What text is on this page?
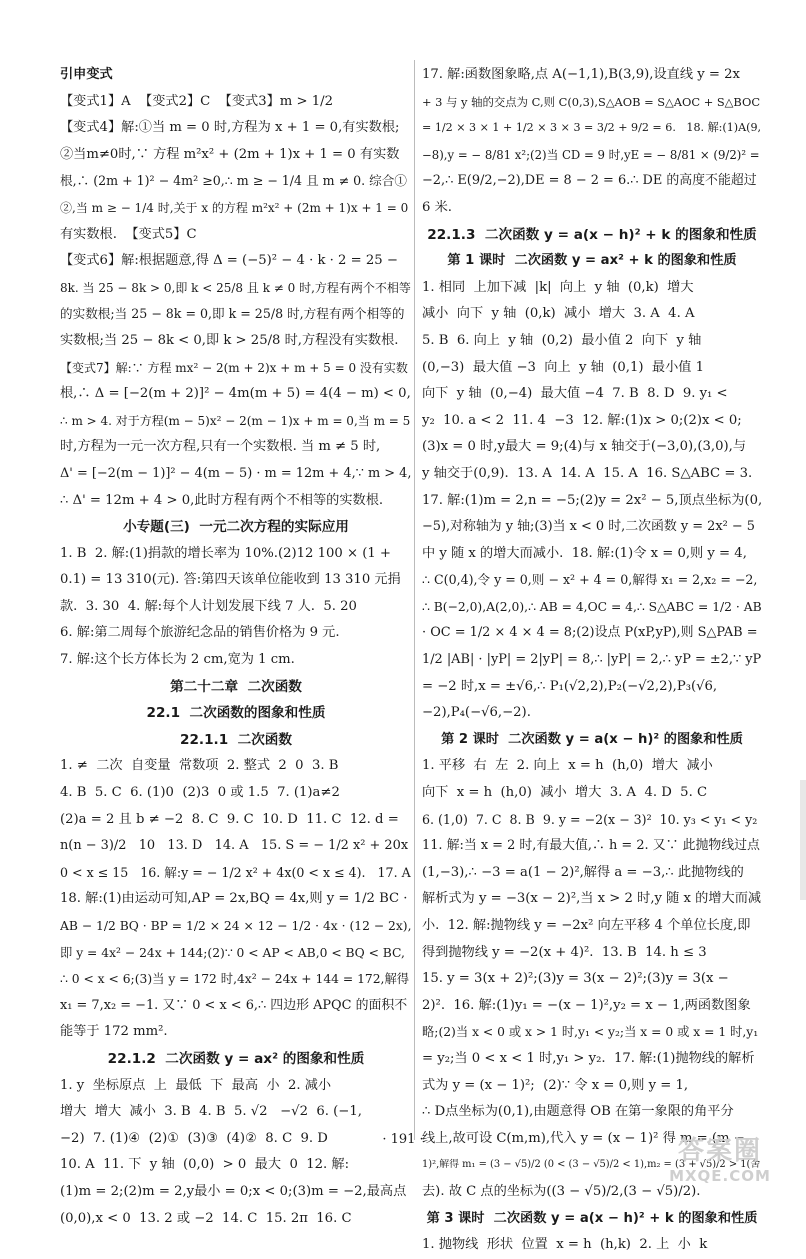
引申变式
【变式1】A  【变式2】C  【变式3】m > 1/2
【变式4】解:①当 m = 0 时,方程为 x + 1 = 0,有实数根;
②当m≠0时,∵ 方程 m²x² + (2m + 1)x + 1 = 0 有实数
根,∴ (2m + 1)² − 4m² ≥0,∴ m ≥ − 1/4 且 m ≠ 0. 综合①
②,当 m ≥ − 1/4 时,关于 x 的方程 m²x² + (2m + 1)x + 1 = 0
有实数根.  【变式5】C
【变式6】解:根据题意,得 Δ = (−5)² − 4 · k · 2 = 25 −
8k. 当 25 − 8k > 0,即 k < 25/8 且 k ≠ 0 时,方程有两个不相等
的实数根;当 25 − 8k = 0,即 k = 25/8 时,方程有两个相等的
实数根;当 25 − 8k < 0,即 k > 25/8 时,方程没有实数根.
【变式7】解:∵ 方程 mx² − 2(m + 2)x + m + 5 = 0 没有实数
根,∴ Δ = [−2(m + 2)]² − 4m(m + 5) = 4(4 − m) < 0,
∴ m > 4. 对于方程(m − 5)x² − 2(m − 1)x + m = 0,当 m = 5
时,方程为一元一次方程,只有一个实数根. 当 m ≠ 5 时,
Δ' = [−2(m − 1)]² − 4(m − 5) · m = 12m + 4,∵ m > 4,
∴ Δ' = 12m + 4 > 0,此时方程有两个不相等的实数根.
小专题(三)  一元二次方程的实际应用
1. B  2. 解:(1)捐款的增长率为 10%.(2)12 100 × (1 +
0.1) = 13 310(元). 答:第四天该单位能收到 13 310 元捐
款.  3. 30  4. 解:每个人计划发展下线 7 人.  5. 20
6. 解:第二周每个旅游纪念品的销售价格为 9 元.
7. 解:这个长方体长为 2 cm,宽为 1 cm.
第二十二章  二次函数
22.1  二次函数的图象和性质
22.1.1  二次函数
1. ≠  二次  自变量  常数项  2. 整式  2  0  3. B
4. B  5. C  6. (1)0  (2)3  0 或 1.5  7. (1)a≠2
(2)a = 2 且 b ≠ −2  8. C  9. C  10. D  11. C  12. d =
n(n − 3)/2   10   13. D   14. A   15. S = − 1/2 x² + 20x
0 < x ≤ 15   16. 解:y = − 1/2 x² + 4x(0 < x ≤ 4).   17. A
18. 解:(1)由运动可知,AP = 2x,BQ = 4x,则 y = 1/2 BC ·
AB − 1/2 BQ · BP = 1/2 × 24 × 12 − 1/2 · 4x · (12 − 2x),
即 y = 4x² − 24x + 144;(2)∵ 0 < AP < AB,0 < BQ < BC,
∴ 0 < x < 6;(3)当 y = 172 时,4x² − 24x + 144 = 172,解得
x₁ = 7,x₂ = −1. 又∵ 0 < x < 6,∴ 四边形 APQC 的面积不
能等于 172 mm².
22.1.2  二次函数 y = ax² 的图象和性质
1. y  坐标原点  上  最低  下  最高  小  2. 减小
增大  增大  减小  3. B  4. B  5. √2   −√2  6. (−1,
−2)  7. (1)④  (2)①  (3)③  (4)②  8. C  9. D
10. A  11. 下  y 轴  (0,0)  > 0  最大  0  12. 解:
(1)m = 2;(2)m = 2,y最小 = 0;x < 0;(3)m = −2,最高点
(0,0),x < 0  13. 2 或 −2  14. C  15. 2π  16. C
17. 解:函数图象略,点 A(−1,1),B(3,9),设直线 y = 2x
+ 3 与 y 轴的交点为 C,则 C(0,3),S△AOB = S△AOC + S△BOC
= 1/2 × 3 × 1 + 1/2 × 3 × 3 = 3/2 + 9/2 = 6.   18. 解:(1)A(9,
−8),y = − 8/81 x²;(2)当 CD = 9 时,yE = − 8/81 × (9/2)² =
−2,∴ E(9/2,−2),DE = 8 − 2 = 6.∴ DE 的高度不能超过
6 米.
22.1.3  二次函数 y = a(x − h)² + k 的图象和性质
第 1 课时  二次函数 y = ax² + k 的图象和性质
1. 相同  上加下减  |k|  向上  y 轴  (0,k)  增大
减小  向下  y 轴  (0,k)  减小  增大  3. A  4. A
5. B  6. 向上  y 轴  (0,2)  最小值 2  向下  y 轴
(0,−3)  最大值 −3  向上  y 轴  (0,1)  最小值 1
向下  y 轴  (0,−4)  最大值 −4  7. B  8. D  9. y₁ <
y₂  10. a < 2  11. 4  −3  12. 解:(1)x > 0;(2)x < 0;
(3)x = 0 时,y最大 = 9;(4)与 x 轴交于(−3,0),(3,0),与
y 轴交于(0,9).  13. A  14. A  15. A  16. S△ABC = 3.
17. 解:(1)m = 2,n = −5;(2)y = 2x² − 5,顶点坐标为(0,
−5),对称轴为 y 轴;(3)当 x < 0 时,二次函数 y = 2x² − 5
中 y 随 x 的增大而减小.  18. 解:(1)令 x = 0,则 y = 4,
∴ C(0,4),令 y = 0,则 − x² + 4 = 0,解得 x₁ = 2,x₂ = −2,
∴ B(−2,0),A(2,0),∴ AB = 4,OC = 4,∴ S△ABC = 1/2 · AB
· OC = 1/2 × 4 × 4 = 8;(2)设点 P(xP,yP),则 S△PAB =
1/2 |AB| · |yP| = 2|yP| = 8,∴ |yP| = 2,∴ yP = ±2,∵ yP
= −2 时,x = ±√6,∴ P₁(√2,2),P₂(−√2,2),P₃(√6,
−2),P₄(−√6,−2).
第 2 课时  二次函数 y = a(x − h)² 的图象和性质
1. 平移  右  左  2. 向上  x = h  (h,0)  增大  减小
向下  x = h  (h,0)  减小  增大  3. A  4. D  5. C
6. (1,0)  7. C  8. B  9. y = −2(x − 3)²  10. y₃ < y₁ < y₂
11. 解:当 x = 2 时,有最大值,∴ h = 2. 又∵ 此抛物线过点
(1,−3),∴ −3 = a(1 − 2)²,解得 a = −3,∴ 此抛物线的
解析式为 y = −3(x − 2)²,当 x > 2 时,y 随 x 的增大而减
小.  12. 解:抛物线 y = −2x² 向左平移 4 个单位长度,即
得到抛物线 y = −2(x + 4)².  13. B  14. h ≤ 3
15. y = 3(x + 2)²;(3)y = 3(x − 2)²;(3)y = 3(x −
2)².  16. 解:(1)y₁ = −(x − 1)²,y₂ = x − 1,两函数图象
略;(2)当 x < 0 或 x > 1 时,y₁ < y₂;当 x = 0 或 x = 1 时,y₁
= y₂;当 0 < x < 1 时,y₁ > y₂.  17. 解:(1)抛物线的解析
式为 y = (x − 1)²;  (2)∵ 令 x = 0,则 y = 1,
∴ D点坐标为(0,1),由题意得 OB 在第一象限的角平分
线上,故可设 C(m,m),代入 y = (x − 1)² 得 m = (m −
1)²,解得 m₁ = (3 − √5)/2 (0 < (3 − √5)/2 < 1),m₂ = (3 + √5)/2 > 1(舍
去). 故 C 点的坐标为((3 − √5)/2,(3 − √5)/2).
第 3 课时  二次函数 y = a(x − h)² + k 的图象和性质
1. 抛物线  形状  位置  x = h  (h,k)  2. 上  小  k
· 191 ·	答案圈
MXQE.COM
